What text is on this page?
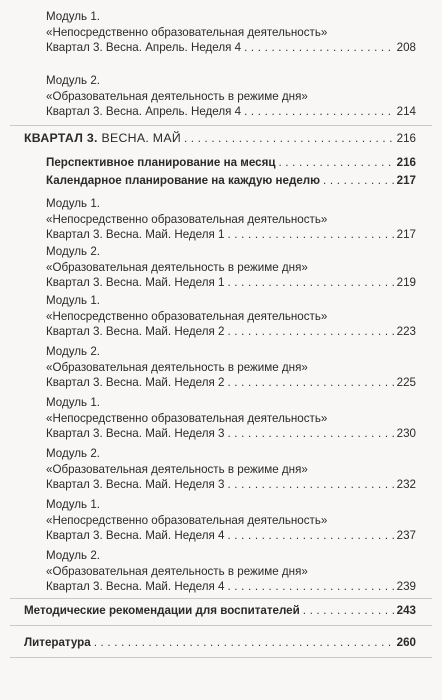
Модуль 1.
«Непосредственно образовательная деятельность»
Квартал 3. Весна. Апрель. Неделя 4 . . .	208
Модуль 2.
«Образовательная деятельность в режиме дня»
Квартал 3. Весна. Апрель. Неделя 4 . . .	214
КВАРТАЛ 3. ВЕСНА. МАЙ . . .	216
Перспективное планирование на месяц . . .	216
Календарное планирование на каждую неделю . . .	217
Модуль 1.
«Непосредственно образовательная деятельность»
Квартал 3. Весна. Май. Неделя 1 . . .	217
Модуль 2.
«Образовательная деятельность в режиме дня»
Квартал 3. Весна. Май. Неделя 1 . . .	219
Модуль 1.
«Непосредственно образовательная деятельность»
Квартал 3. Весна. Май. Неделя 2 . . .	223
Модуль 2.
«Образовательная деятельность в режиме дня»
Квартал 3. Весна. Май. Неделя 2 . . .	225
Модуль 1.
«Непосредственно образовательная деятельность»
Квартал 3. Весна. Май. Неделя 3 . . .	230
Модуль 2.
«Образовательная деятельность в режиме дня»
Квартал 3. Весна. Май. Неделя 3 . . .	232
Модуль 1.
«Непосредственно образовательная деятельность»
Квартал 3. Весна. Май. Неделя 4 . . .	237
Модуль 2.
«Образовательная деятельность в режиме дня»
Квартал 3. Весна. Май. Неделя 4 . . .	239
Методические рекомендации для воспитателей . . .	243
Литература . . .	260
